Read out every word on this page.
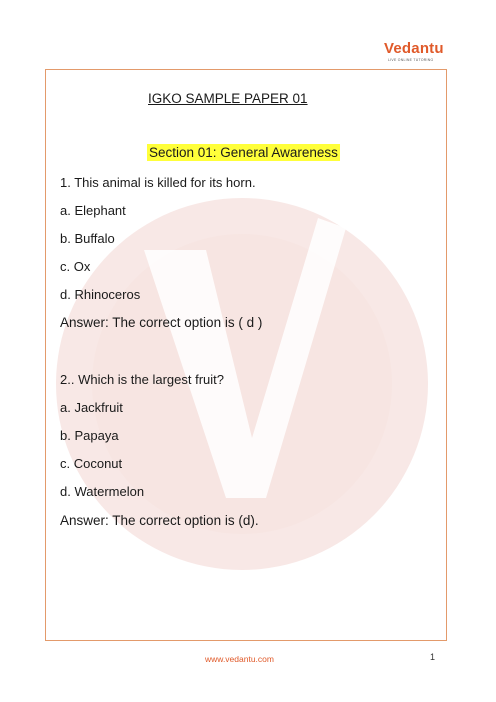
Vedantu
LIVE ONLINE TUTORING
IGKO SAMPLE PAPER 01
Section 01: General Awareness
1. This animal is killed for its horn.
a. Elephant
b. Buffalo
c. Ox
d. Rhinoceros
Answer: The correct option is ( d )
2.. Which is the largest fruit?
a. Jackfruit
b. Papaya
c. Coconut
d. Watermelon
Answer: The correct option is (d).
1
www.vedantu.com
